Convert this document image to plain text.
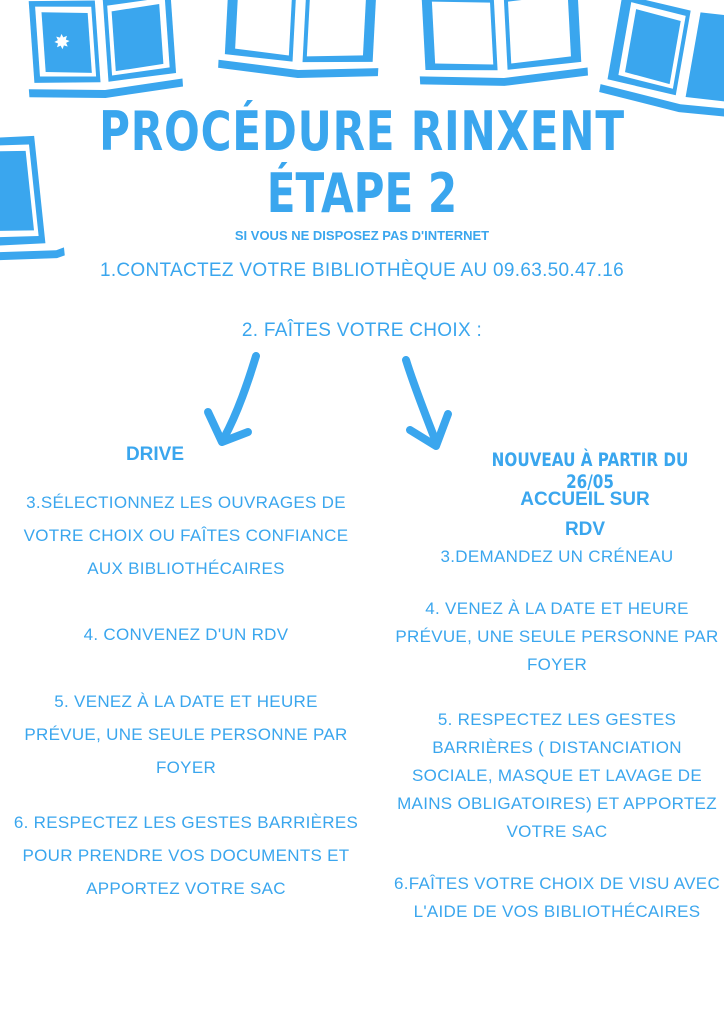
✸
✸
PROCÉDURE RINXENT
ÉTAPE 2
SI VOUS NE DISPOSEZ PAS D'INTERNET
1.CONTACTEZ VOTRE BIBLIOTHÈQUE AU 09.63.50.47.16
2. FAÎTES VOTRE CHOIX :
DRIVE
3.SÉLECTIONNEZ LES OUVRAGES DE VOTRE CHOIX OU FAÎTES CONFIANCE AUX BIBLIOTHÉCAIRES
4. CONVENEZ D'UN RDV
5. VENEZ À LA DATE ET HEURE PRÉVUE, UNE SEULE PERSONNE PAR FOYER
6. RESPECTEZ LES GESTES BARRIÈRES POUR PRENDRE VOS DOCUMENTS ET APPORTEZ VOTRE SAC
NOUVEAU À PARTIR DU 26/05
ACCUEIL SUR RDV
3.DEMANDEZ UN CRÉNEAU
4. VENEZ À LA DATE ET HEURE PRÉVUE, UNE SEULE PERSONNE PAR FOYER
5. RESPECTEZ LES GESTES BARRIÈRES ( DISTANCIATION SOCIALE, MASQUE ET LAVAGE DE MAINS OBLIGATOIRES) ET APPORTEZ VOTRE SAC
6.FAÎTES VOTRE CHOIX DE VISU AVEC L'AIDE DE VOS BIBLIOTHÉCAIRES
